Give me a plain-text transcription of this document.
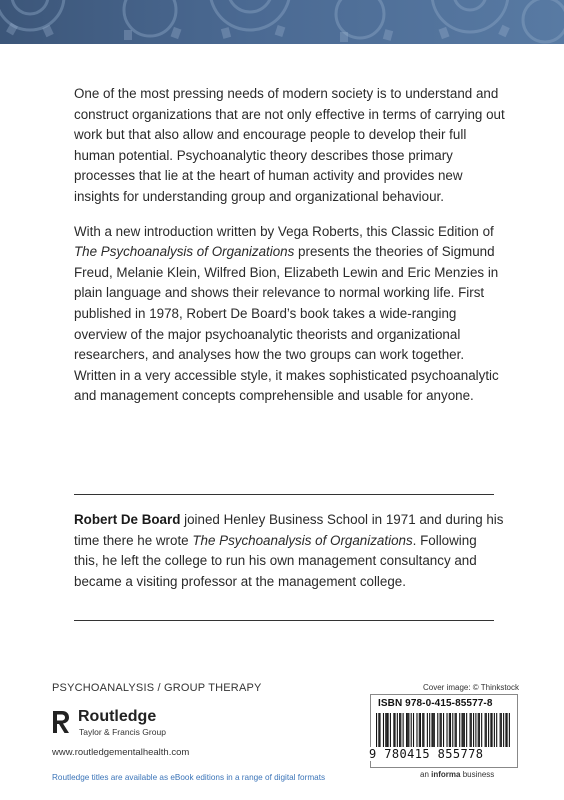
One of the most pressing needs of modern society is to understand and construct organizations that are not only effective in terms of carrying out work but that also allow and encourage people to develop their full human potential. Psychoanalytic theory describes those primary processes that lie at the heart of human activity and provides new insights for understanding group and organizational behaviour.

With a new introduction written by Vega Roberts, this Classic Edition of The Psychoanalysis of Organizations presents the theories of Sigmund Freud, Melanie Klein, Wilfred Bion, Elizabeth Lewin and Eric Menzies in plain language and shows their relevance to normal working life. First published in 1978, Robert De Board’s book takes a wide-ranging overview of the major psychoanalytic theorists and organizational researchers, and analyses how the two groups can work together. Written in a very accessible style, it makes sophisticated psychoanalytic and management concepts comprehensible and usable for anyone.

Robert De Board joined Henley Business School in 1971 and during his time there he wrote The Psychoanalysis of Organizations. Following this, he left the college to run his own management consultancy and became a visiting professor at the management college.
PSYCHOANALYSIS / GROUP THERAPY
Routledge
Taylor & Francis Group
www.routledgementalhealth.com
Routledge titles are available as eBook editions in a range of digital formats
Cover image: © Thinkstock
ISBN 978-0-415-85577-8
9 780415 855778
an informa business
